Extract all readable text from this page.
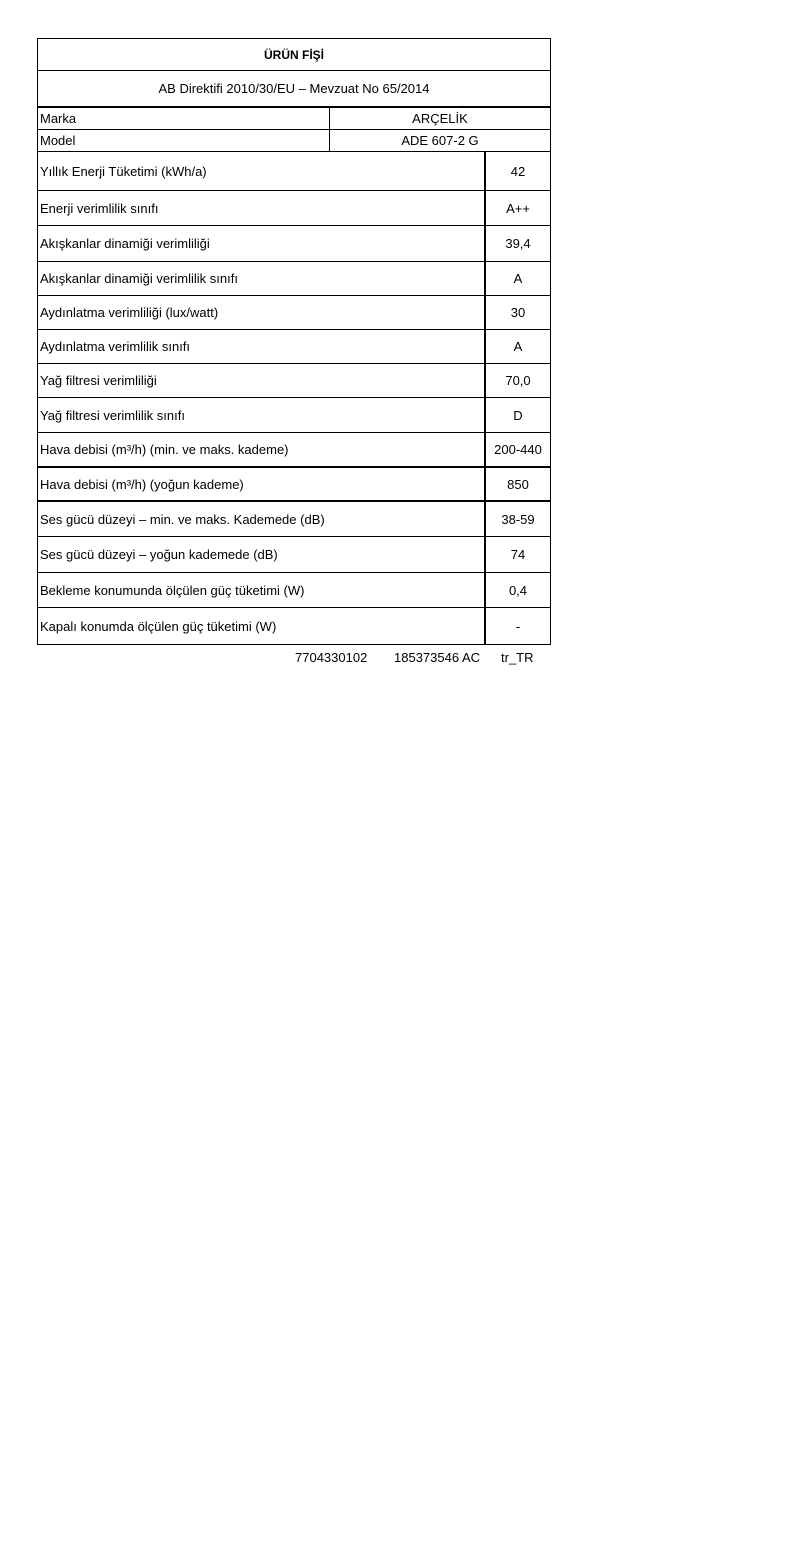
ÜRÜN FİŞİ
AB Direktifi 2010/30/EU – Mevzuat No 65/2014
Marka	ARÇELİK
Model	ADE 607-2 G
Yıllık Enerji Tüketimi (kWh/a)	42
Enerji verimlilik sınıfı	A++
Akışkanlar dinamiği verimliliği	39,4
Akışkanlar dinamiği verimlilik sınıfı	A
Aydınlatma verimliliği (lux/watt)	30
Aydınlatma verimlilik sınıfı	A
Yağ filtresi verimliliği	70,0
Yağ filtresi verimlilik sınıfı	D
Hava debisi (m³/h) (min. ve maks. kademe)	200-440
Hava debisi (m³/h) (yoğun kademe)	850
Ses gücü düzeyi – min. ve maks. Kademede (dB)	38-59
Ses gücü düzeyi – yoğun kademede (dB)	74
Bekleme konumunda ölçülen güç tüketimi (W)	0,4
Kapalı konumda ölçülen güç tüketimi (W)	-
7704330102	185373546 AC	tr_TR
